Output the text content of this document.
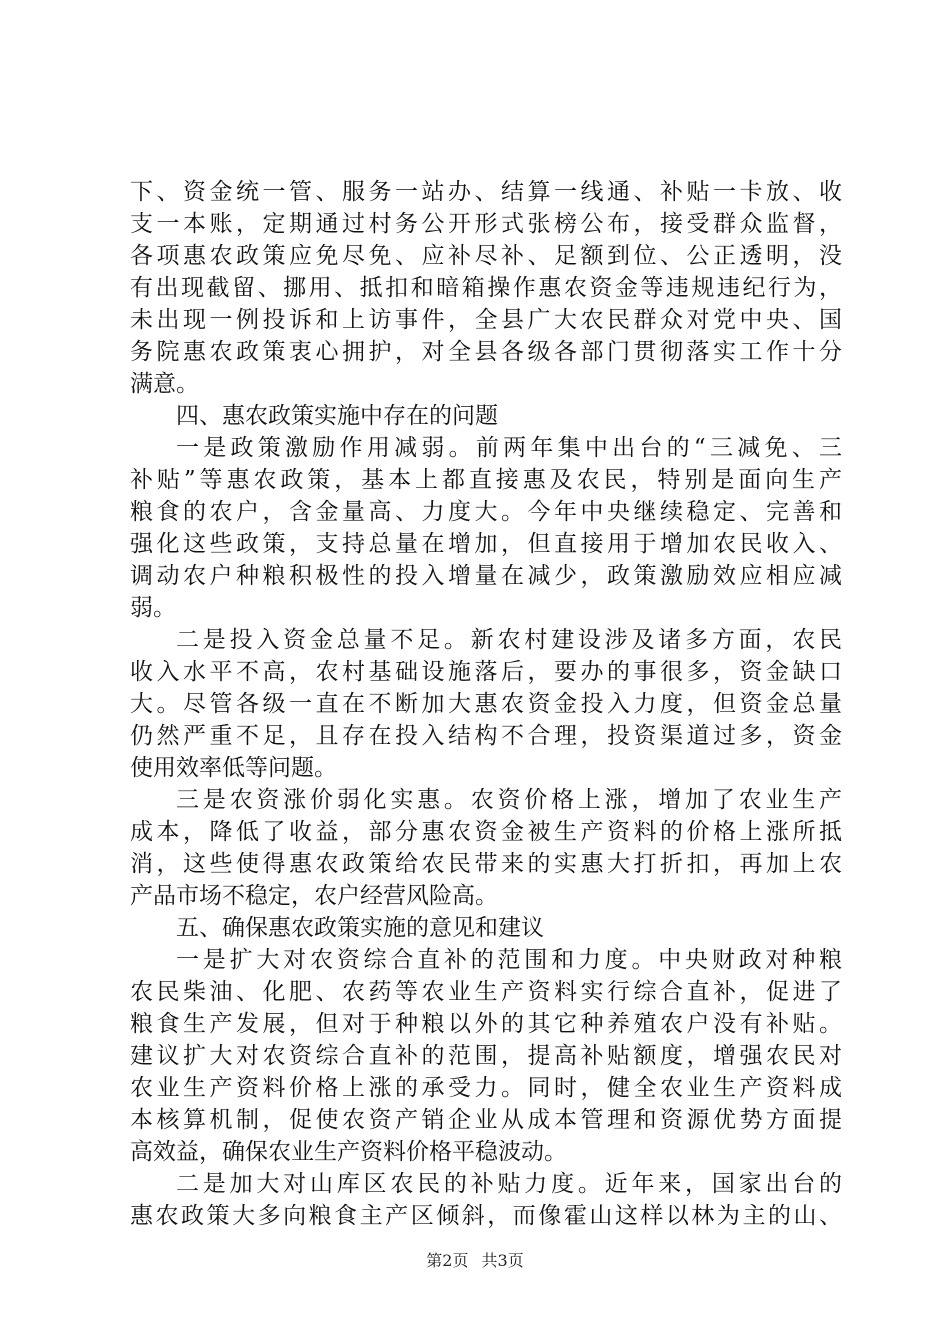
下、资金统一管、服务一站办、结算一线通、补贴一卡放、收
支一本账，定期通过村务公开形式张榜公布，接受群众监督，
各项惠农政策应免尽免、应补尽补、足额到位、公正透明，没
有出现截留、挪用、抵扣和暗箱操作惠农资金等违规违纪行为，
未出现一例投诉和上访事件，全县广大农民群众对党中央、国
务院惠农政策衷心拥护，对全县各级各部门贯彻落实工作十分
满意。
四、惠农政策实施中存在的问题
一是政策激励作用减弱。前两年集中出台的“三减免、三
补贴”等惠农政策，基本上都直接惠及农民，特别是面向生产
粮食的农户，含金量高、力度大。今年中央继续稳定、完善和
强化这些政策，支持总量在增加，但直接用于增加农民收入、
调动农户种粮积极性的投入增量在减少，政策激励效应相应减
弱。
二是投入资金总量不足。新农村建设涉及诸多方面，农民
收入水平不高，农村基础设施落后，要办的事很多，资金缺口
大。尽管各级一直在不断加大惠农资金投入力度，但资金总量
仍然严重不足，且存在投入结构不合理，投资渠道过多，资金
使用效率低等问题。
三是农资涨价弱化实惠。农资价格上涨，增加了农业生产
成本，降低了收益，部分惠农资金被生产资料的价格上涨所抵
消，这些使得惠农政策给农民带来的实惠大打折扣，再加上农
产品市场不稳定，农户经营风险高。
五、确保惠农政策实施的意见和建议
一是扩大对农资综合直补的范围和力度。中央财政对种粮
农民柴油、化肥、农药等农业生产资料实行综合直补，促进了
粮食生产发展，但对于种粮以外的其它种养殖农户没有补贴。
建议扩大对农资综合直补的范围，提高补贴额度，增强农民对
农业生产资料价格上涨的承受力。同时，健全农业生产资料成
本核算机制，促使农资产销企业从成本管理和资源优势方面提
高效益，确保农业生产资料价格平稳波动。
二是加大对山库区农民的补贴力度。近年来，国家出台的
惠农政策大多向粮食主产区倾斜，而像霍山这样以林为主的山、
第2页 共3页
